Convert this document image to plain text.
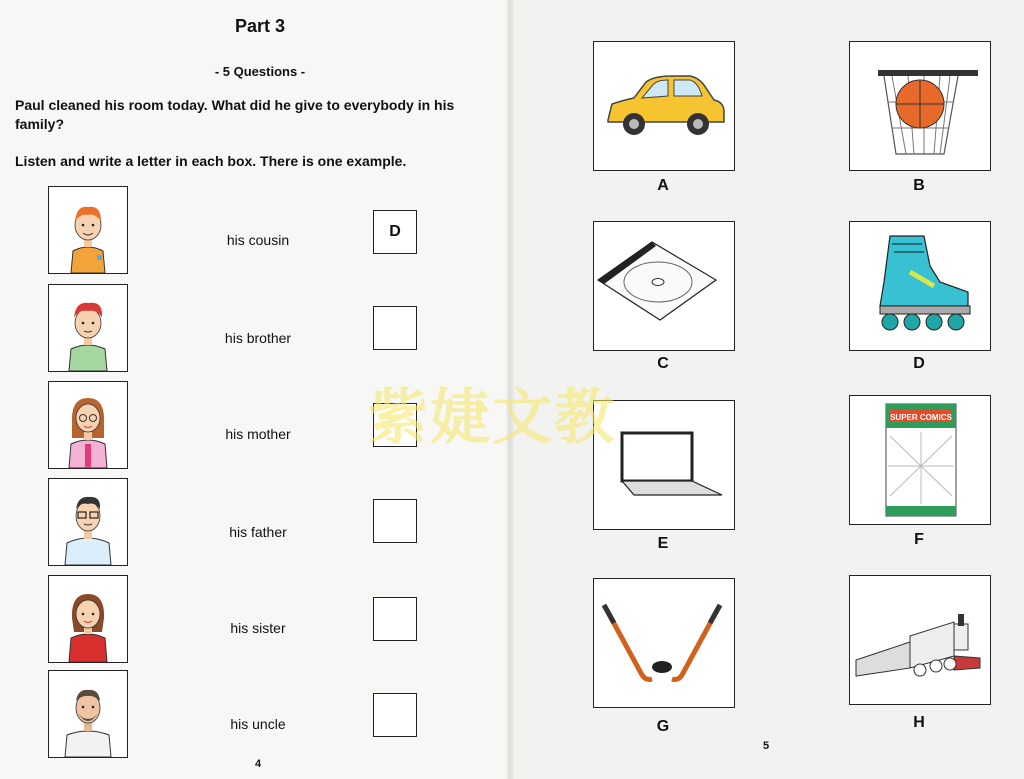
Part 3
- 5 Questions -
Paul cleaned his room today. What did he give to everybody in his family?
Listen and write a letter in each box. There is one example.
his cousin	D
his brother
his mother
his father
his sister
his uncle
4
A	B
C	D
E
SUPER COMICS
F
G	H
5
紫婕文教
